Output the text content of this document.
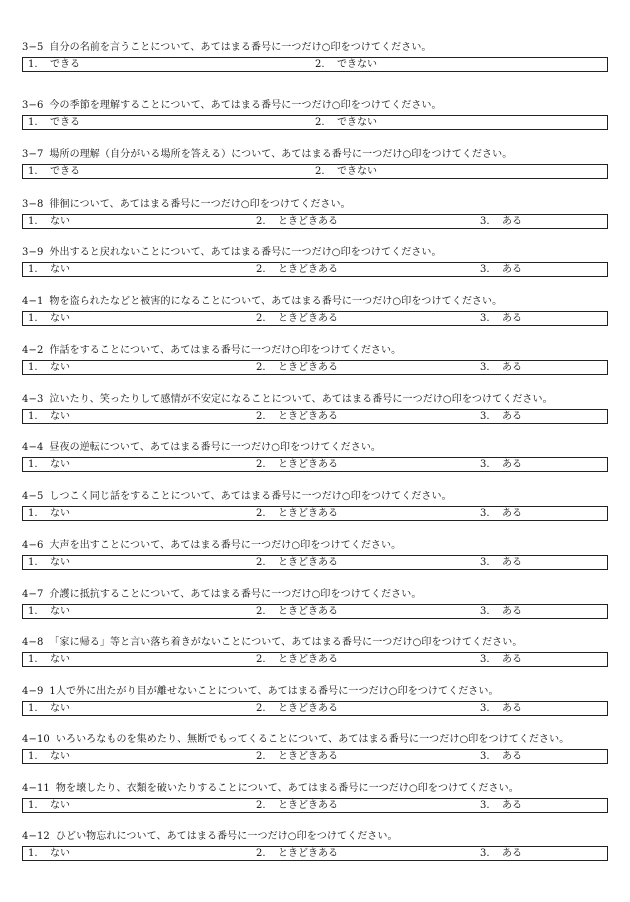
3−5 自分の名前を言うことについて、あてはまる番号に一つだけ○印をつけてください。
1. できる	2. できない
3−6 今の季節を理解することについて、あてはまる番号に一つだけ○印をつけてください。
1. できる	2. できない
3−7 場所の理解（自分がいる場所を答える）について、あてはまる番号に一つだけ○印をつけてください。
1. できる	2. できない
3−8 徘徊について、あてはまる番号に一つだけ○印をつけてください。
1. ない	2. ときどきある	3. ある
3−9 外出すると戻れないことについて、あてはまる番号に一つだけ○印をつけてください。
1. ない	2. ときどきある	3. ある
4−1 物を盗られたなどと被害的になることについて、あてはまる番号に一つだけ○印をつけてください。
1. ない	2. ときどきある	3. ある
4−2 作話をすることについて、あてはまる番号に一つだけ○印をつけてください。
1. ない	2. ときどきある	3. ある
4−3 泣いたり、笑ったりして感情が不安定になることについて、あてはまる番号に一つだけ○印をつけてください。
1. ない	2. ときどきある	3. ある
4−4 昼夜の逆転について、あてはまる番号に一つだけ○印をつけてください。
1. ない	2. ときどきある	3. ある
4−5 しつこく同じ話をすることについて、あてはまる番号に一つだけ○印をつけてください。
1. ない	2. ときどきある	3. ある
4−6 大声を出すことについて、あてはまる番号に一つだけ○印をつけてください。
1. ない	2. ときどきある	3. ある
4−7 介護に抵抗することについて、あてはまる番号に一つだけ○印をつけてください。
1. ない	2. ときどきある	3. ある
4−8 「家に帰る」等と言い落ち着きがないことについて、あてはまる番号に一つだけ○印をつけてください。
1. ない	2. ときどきある	3. ある
4−9 1人で外に出たがり目が離せないことについて、あてはまる番号に一つだけ○印をつけてください。
1. ない	2. ときどきある	3. ある
4−10 いろいろなものを集めたり、無断でもってくることについて、あてはまる番号に一つだけ○印をつけてください。
1. ない	2. ときどきある	3. ある
4−11 物を壊したり、衣類を破いたりすることについて、あてはまる番号に一つだけ○印をつけてください。
1. ない	2. ときどきある	3. ある
4−12 ひどい物忘れについて、あてはまる番号に一つだけ○印をつけてください。
1. ない	2. ときどきある	3. ある
